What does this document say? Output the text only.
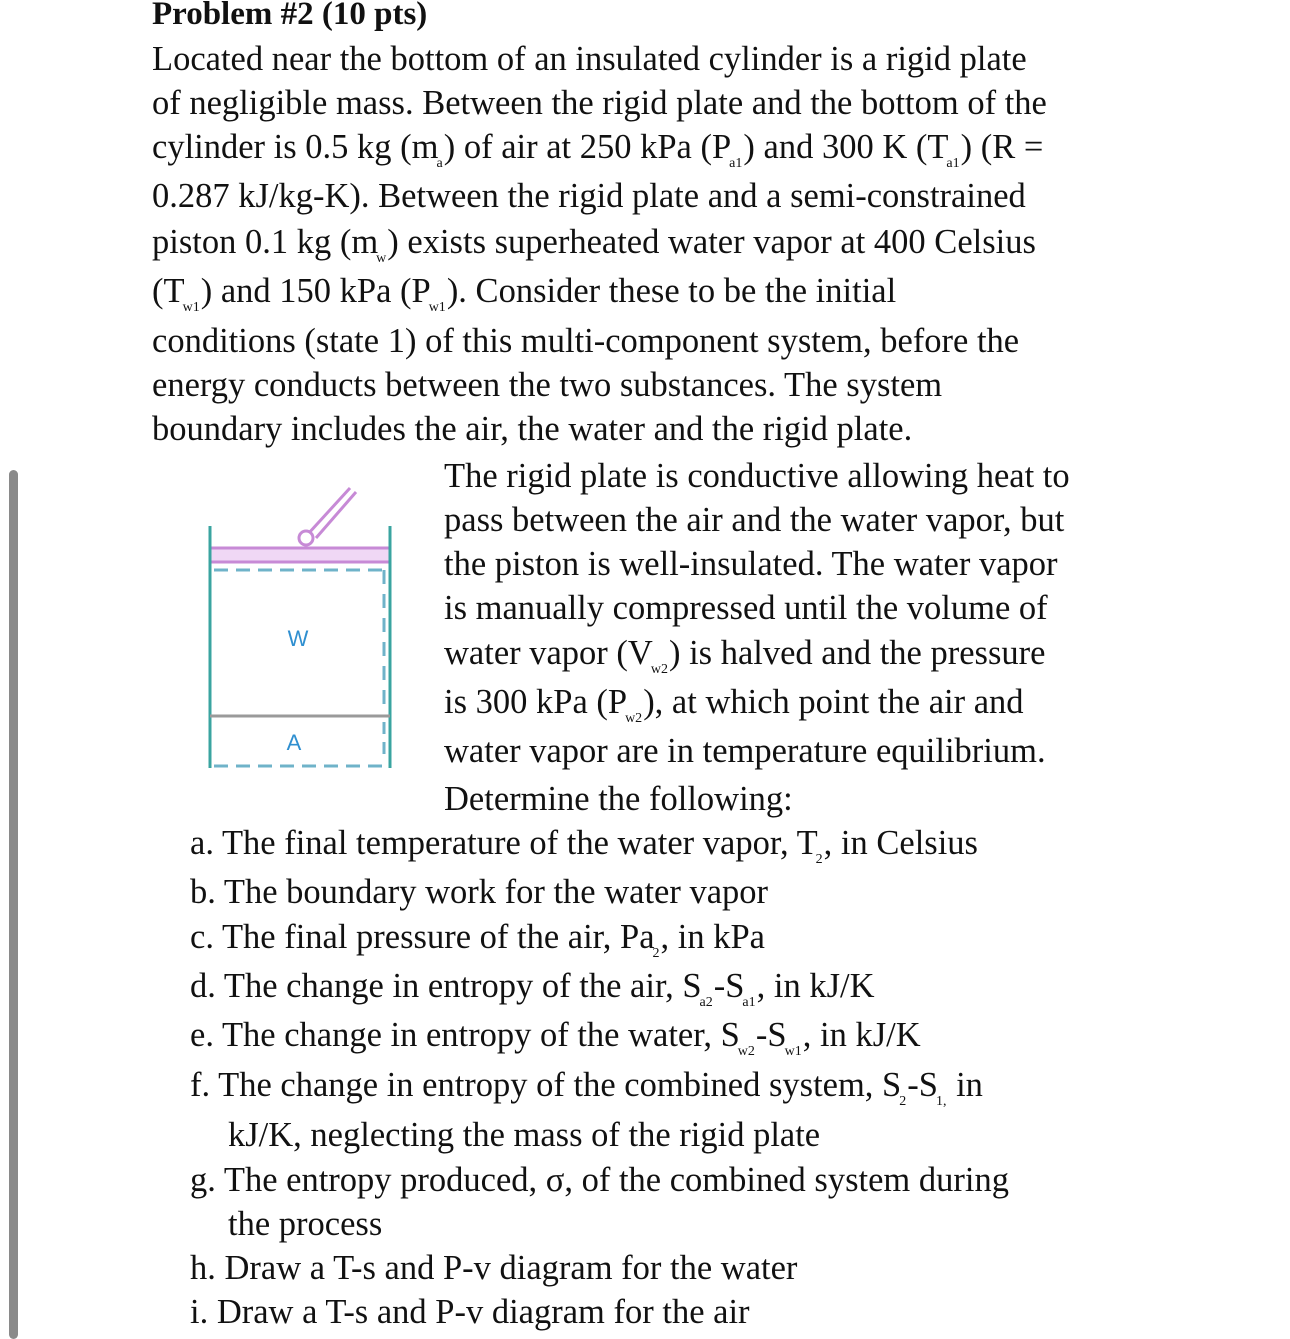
Problem #2 (10 pts)
Located near the bottom of an insulated cylinder is a rigid plate
of negligible mass. Between the rigid plate and the bottom of the
cylinder is 0.5 kg $(m_a)$ of air at 250 kPa $(P_{a1})$ and 300 K $(T_{a1}) (R$ =
0.287 kJ/kg-K). Between the rigid plate and a semi-constrained
piston 0.1 kg $(m_w)$ exists superheated water vapor at 400 Celsius
$(T_{w1})$ and 150 kPa $(P_{w1})$. Consider these to be the initial
conditions (state 1) of this multi-component system, before the
energy conducts between the two substances. The system
boundary includes the air, the water and the rigid plate.
W
A
The rigid plate is conductive allowing heat to
pass between the air and the water vapor, but
the piston is well-insulated. The water vapor
is manually compressed until the volume of
water vapor $(V_{w2})$ is halved and the pressure
is 300 kPa $(P_{w2})$, at which point the air and
water vapor are in temperature equilibrium.
Determine the following:
a. The final temperature of the water vapor, $T_2$, in Celsius
b. The boundary work for the water vapor
c. The final pressure of the air, $Pa_2$, in kPa
d. The change in entropy of the air, $S_{a2}-S_{a1}$, in kJ/K
e. The change in entropy of the water, $S_{w2}-S_{w1}$, in kJ/K
f. The change in entropy of the combined system, $S_2-S_{1,}$ in
kJ/K, neglecting the mass of the rigid plate
g. The entropy produced, σ, of the combined system during
the process
h. Draw a T-s and P-v diagram for the water
i. Draw a T-s and P-v diagram for the air
